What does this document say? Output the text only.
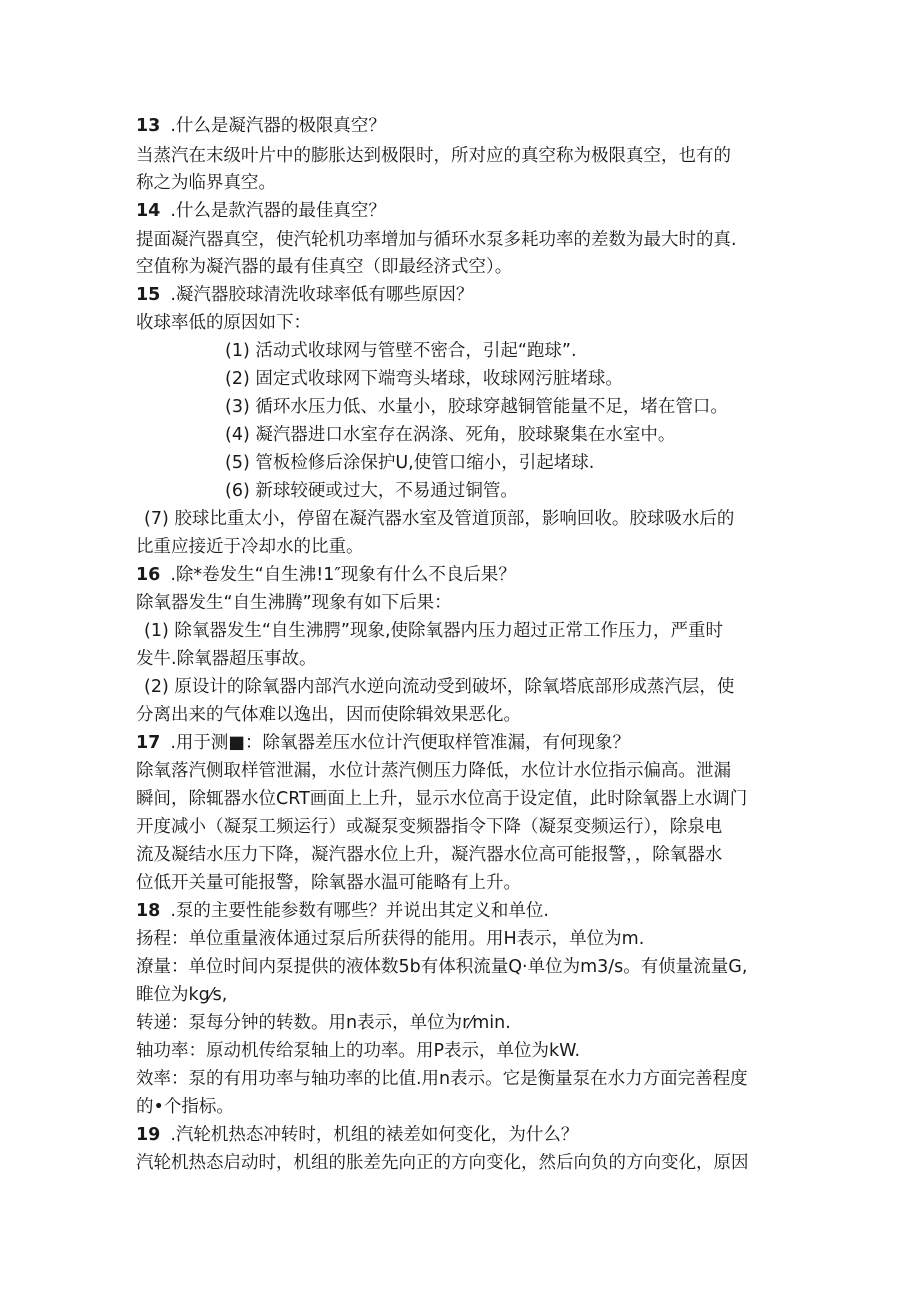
13 .什么是凝汽器的极限真空？
当蒸汽在末级叶片中的膨胀达到极限时，所对应的真空称为极限真空，也有的
称之为临界真空。
14 .什么是款汽器的最佳真空？
提面凝汽器真空，使汽轮机功率增加与循环水泵多耗功率的差数为最大时的真.
空值称为凝汽器的最有佳真空（即最经济式空）。
15 .凝汽器胶球清洗收球率低有哪些原因？
收球率低的原因如下：
(1) 活动式收球网与管壁不密合，引起“跑球”.
(2) 固定式收球网下端弯头堵球，收球网污脏堵球。
(3) 循环水压力低、水量小，胶球穿越铜管能量不足，堵在管口。
(4) 凝汽器进口水室存在涡涤、死角，胶球聚集在水室中。
(5) 管板检修后涂保护U,使管口缩小，引起堵球.
(6) 新球较硬或过大，不易通过铜管。
(7) 胶球比重太小，停留在凝汽器水室及管道顶部，影响回收。胶球吸水后的
比重应接近于冷却水的比重。
16 .除*卷发生“自生沸!1″现象有什么不良后果？
除氧器发生“自生沸腾”现象有如下后果：
(1) 除氧器发生“自生沸腭”现象,使除氧器内压力超过正常工作压力，严重时
发牛.除氧器超压事故。
(2) 原设计的除氧器内部汽水逆向流动受到破坏，除氧塔底部形成蒸汽层，使
分离出来的气体难以逸出，因而使除辑效果恶化。
17 .用于测■：除氧器差压水位计汽便取样管准漏，有何现象？
除氧落汽侧取样管泄漏，水位计蒸汽侧压力降低，水位计水位指示偏高。泄漏
瞬间，除辄器水位CRT画面上上升，显示水位高于设定值，此时除氧器上水调门
开度减小（凝泵工频运行）或凝泵变频器指令下降（凝泵变频运行），除泉电
流及凝结水压力下降，凝汽器水位上升，凝汽器水位高可能报警，，除氧器水
位低开关量可能报警，除氧器水温可能略有上升。
18 .泵的主要性能参数有哪些？并说出其定义和单位.
扬程：单位重量液体通过泵后所获得的能用。用H表示，单位为m.
潦量：单位时间内泵提供的液体数5b有体积流量Q·单位为m3/s。有侦量流量G,
睢位为kg⁄s,
转递：泵每分钟的转数。用n表示，单位为r⁄min.
轴功率：原动机传给泵轴上的功率。用P表示，单位为kW.
效率：泵的有用功率与轴功率的比值.用n表示。它是衡量泵在水力方面完善程度
的•个指标。
19 .汽轮机热态冲转时，机组的裱差如何变化，为什么？
汽轮机热态启动时，机组的胀差先向正的方向变化，然后向负的方向变化，原因
